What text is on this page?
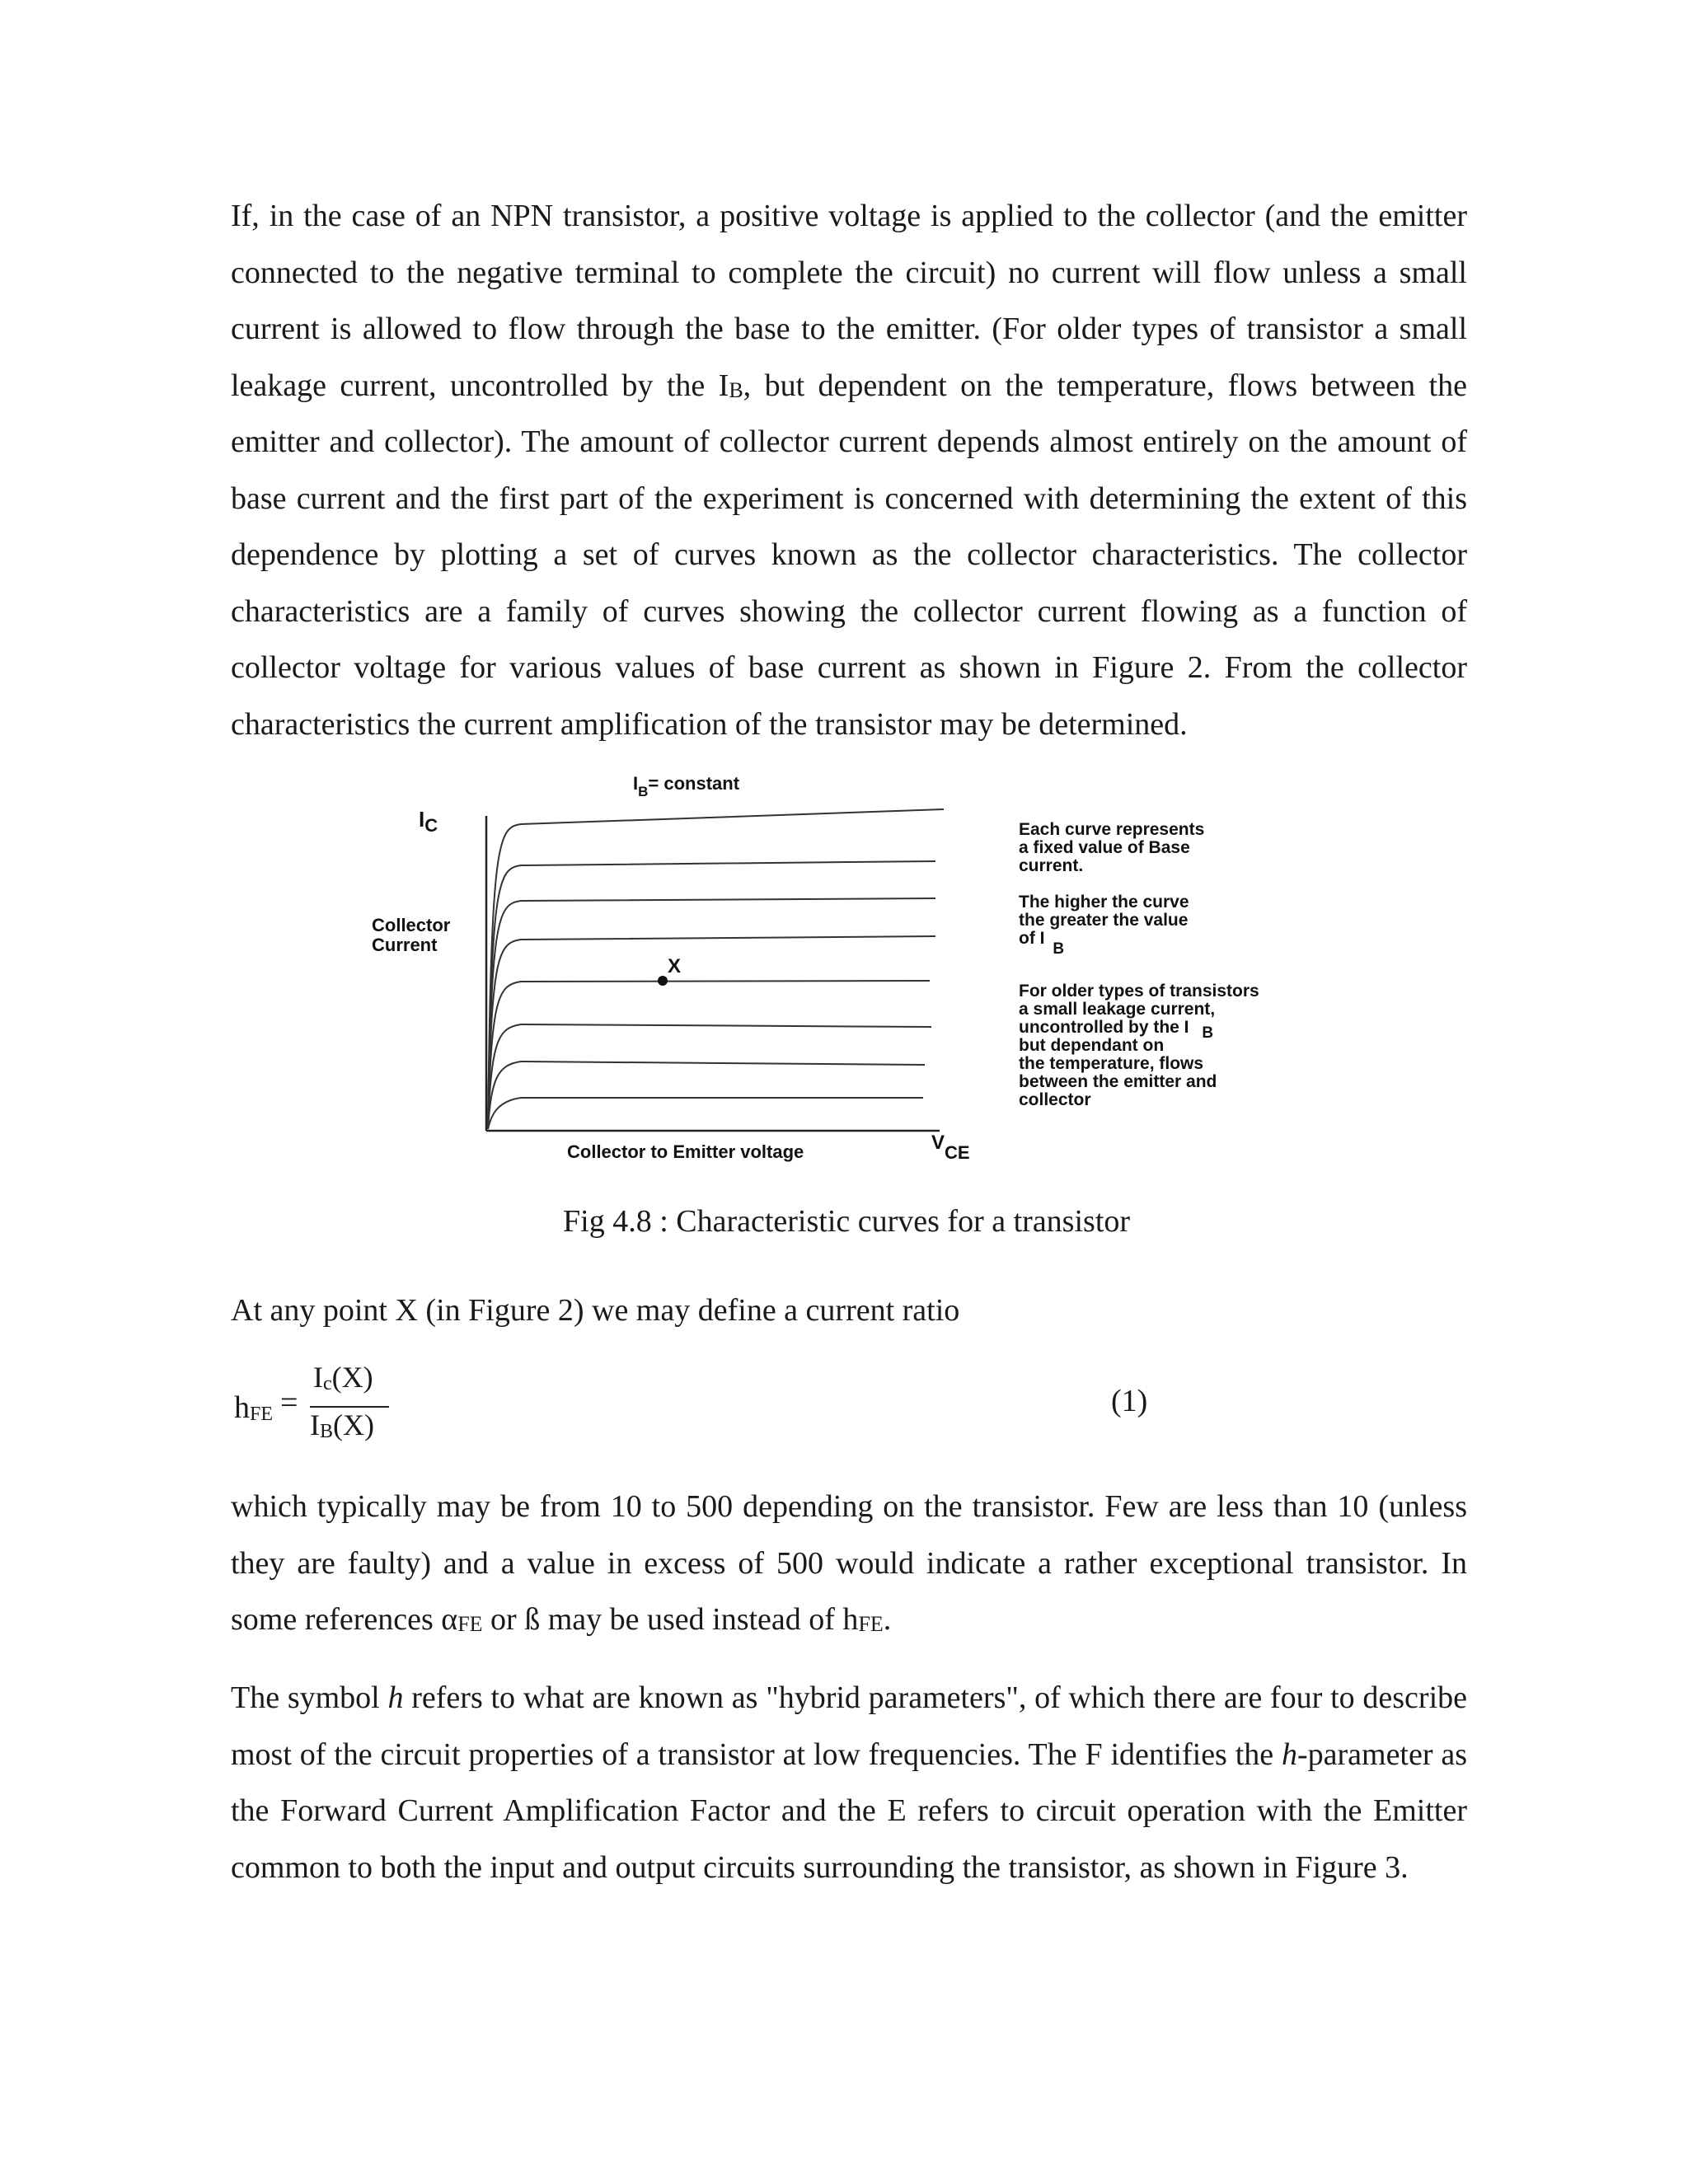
If, in the case of an NPN transistor, a positive voltage is applied to the collector (and the emitter connected to the negative terminal to complete the circuit) no current will flow unless a small current is allowed to flow through the base to the emitter. (For older types of transistor a small leakage current, uncontrolled by the $I_B$, but dependent on the temperature, flows between the emitter and collector). The amount of collector current depends almost entirely on the amount of base current and the first part of the experiment is concerned with determining the extent of this dependence by plotting a set of curves known as the collector characteristics. The collector characteristics are a family of curves showing the collector current flowing as a function of collector voltage for various values of base current as shown in Figure 2. From the collector characteristics the current amplification of the transistor may be determined.

$I_B=$ constant
$I_C$
Collector
Current
X
Collector to Emitter voltage	VCE
Each curve represents a fixed value of Base current.
The higher the curve the greater the value of I B
For older types of transistors a small leakage current, uncontrolled by the I B but dependant on the temperature, flows between the emitter and collector
Fig 4.8 : Characteristic curves for a transistor

At any point X (in Figure 2) we may define a current ratio

$h_{FE}$ =
$I_c(X)$
$I_B(X)$
(1)

which typically may be from 10 to 500 depending on the transistor. Few are less than 10 (unless they are faulty) and a value in excess of 500 would indicate a rather exceptional transistor. In some references $\alpha_{FE}$ or ß may be used instead of $h_{FE}$.

The symbol h refers to what are known as "hybrid parameters", of which there are four to describe most of the circuit properties of a transistor at low frequencies. The F identifies the h-parameter as the Forward Current Amplification Factor and the E refers to circuit operation with the Emitter common to both the input and output circuits surrounding the transistor, as shown in Figure 3.
